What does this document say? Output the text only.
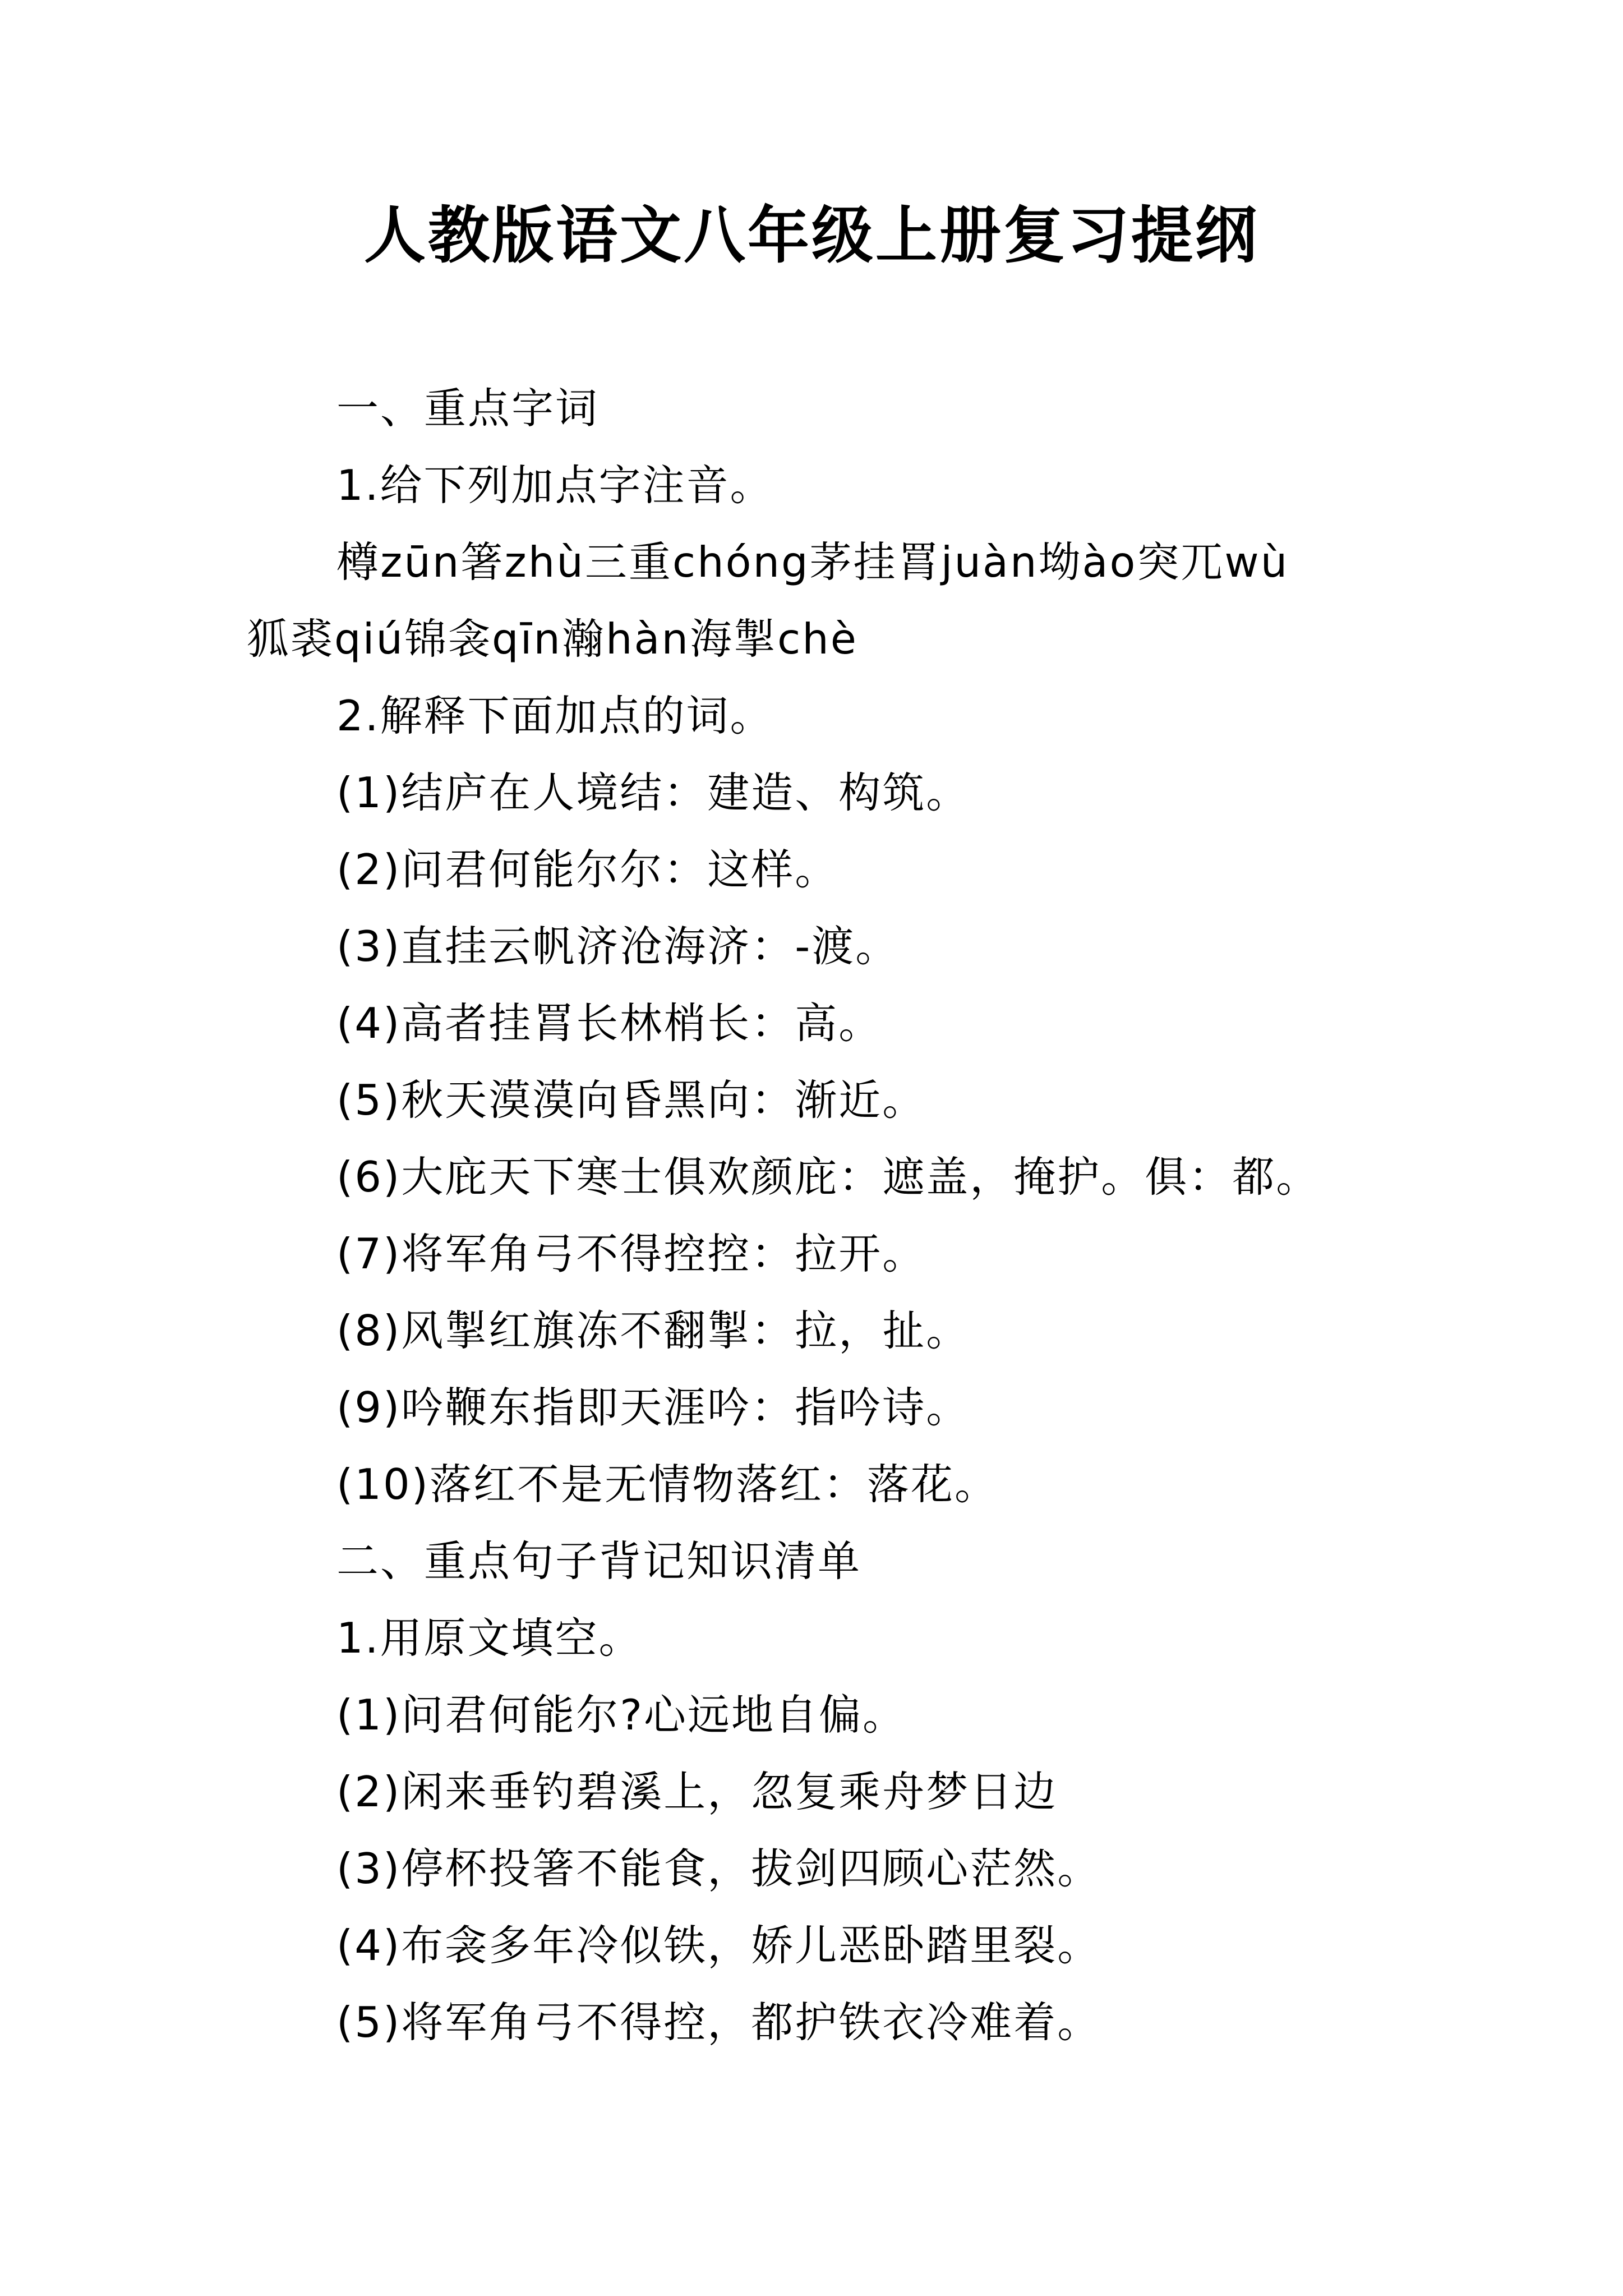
人教版语文八年级上册复习提纲

一、重点字词

1.给下列加点字注音。

樽zūn箸zhù三重chóng茅挂罥juàn坳ào突兀wù

狐裘qiú锦衾qīn瀚hàn海掣chè

2.解释下面加点的词。

(1)结庐在人境结：建造、构筑。

(2)问君何能尔尔：这样。

(3)直挂云帆济沧海济：-渡。

(4)高者挂罥长林梢长：高。

(5)秋天漠漠向昏黑向：渐近。

(6)大庇天下寒士俱欢颜庇：遮盖，掩护。俱：都。

(7)将军角弓不得控控：拉开。

(8)风掣红旗冻不翻掣：拉，扯。

(9)吟鞭东指即天涯吟：指吟诗。

(10)落红不是无情物落红：落花。

二、重点句子背记知识清单

1.用原文填空。

(1)问君何能尔?心远地自偏。

(2)闲来垂钓碧溪上，忽复乘舟梦日边

(3)停杯投箸不能食，拔剑四顾心茫然。

(4)布衾多年冷似铁，娇儿恶卧踏里裂。

(5)将军角弓不得控，都护铁衣冷难着。
